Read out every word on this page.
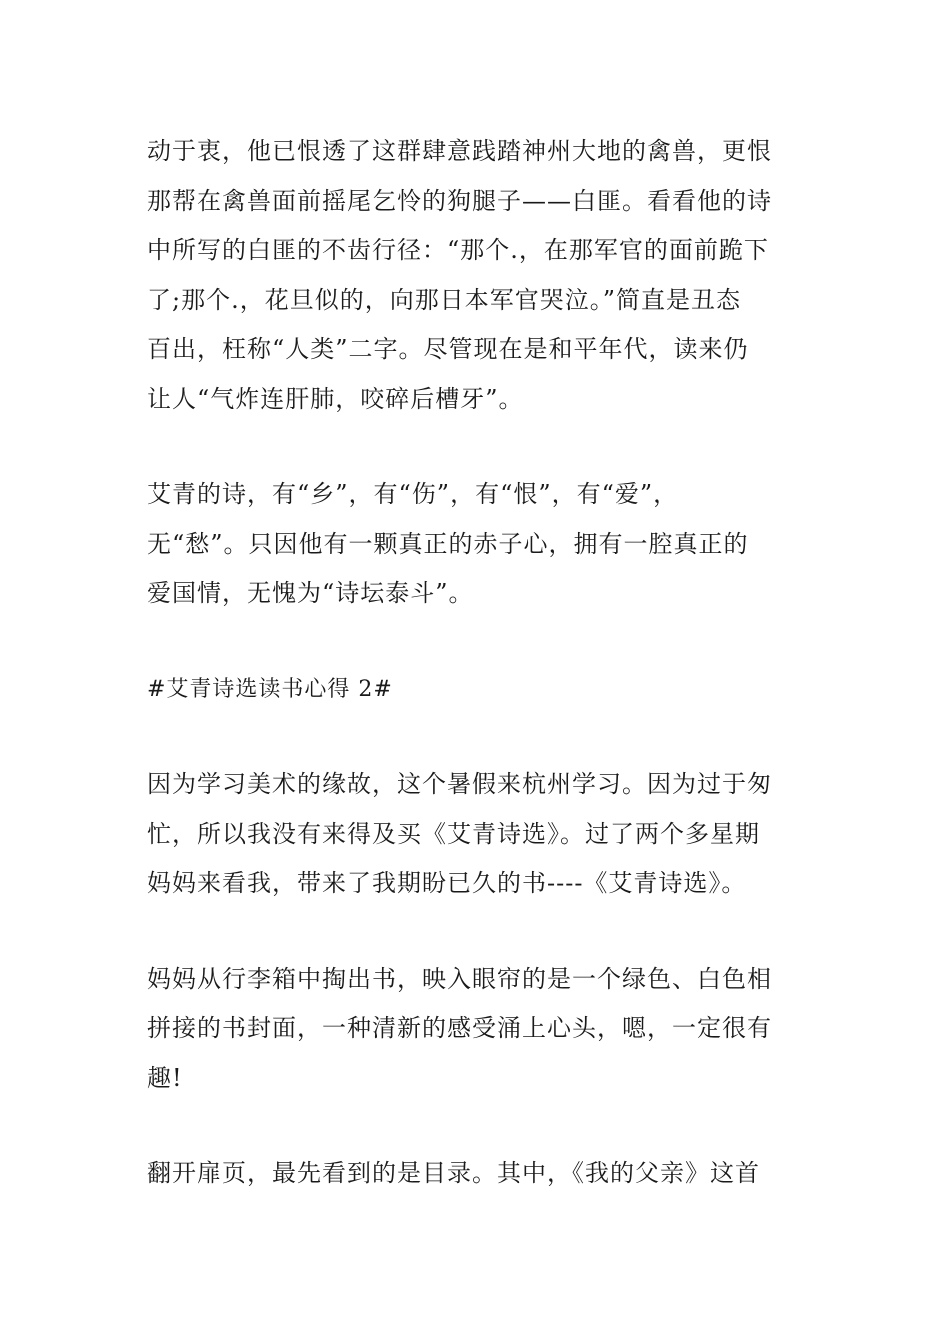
动于衷，他已恨透了这群肆意践踏神州大地的禽兽，更恨
那帮在禽兽面前摇尾乞怜的狗腿子——白匪。看看他的诗
中所写的白匪的不齿行径：“那个.，在那军官的面前跪下
了;那个.，花旦似的，向那日本军官哭泣。”简直是丑态
百出，枉称“人类”二字。尽管现在是和平年代，读来仍
让人“气炸连肝肺，咬碎后槽牙”。
艾青的诗，有“乡”，有“伤”，有“恨”，有“爱”，
无“愁”。只因他有一颗真正的赤子心，拥有一腔真正的
爱国情，无愧为“诗坛泰斗”。
#艾青诗选读书心得 2#
因为学习美术的缘故，这个暑假来杭州学习。因为过于匆
忙，所以我没有来得及买《艾青诗选》。过了两个多星期
妈妈来看我，带来了我期盼已久的书----《艾青诗选》。
妈妈从行李箱中掏出书，映入眼帘的是一个绿色、白色相
拼接的书封面，一种清新的感受涌上心头，嗯，一定很有
趣!
翻开扉页，最先看到的是目录。其中，《我的父亲》这首
